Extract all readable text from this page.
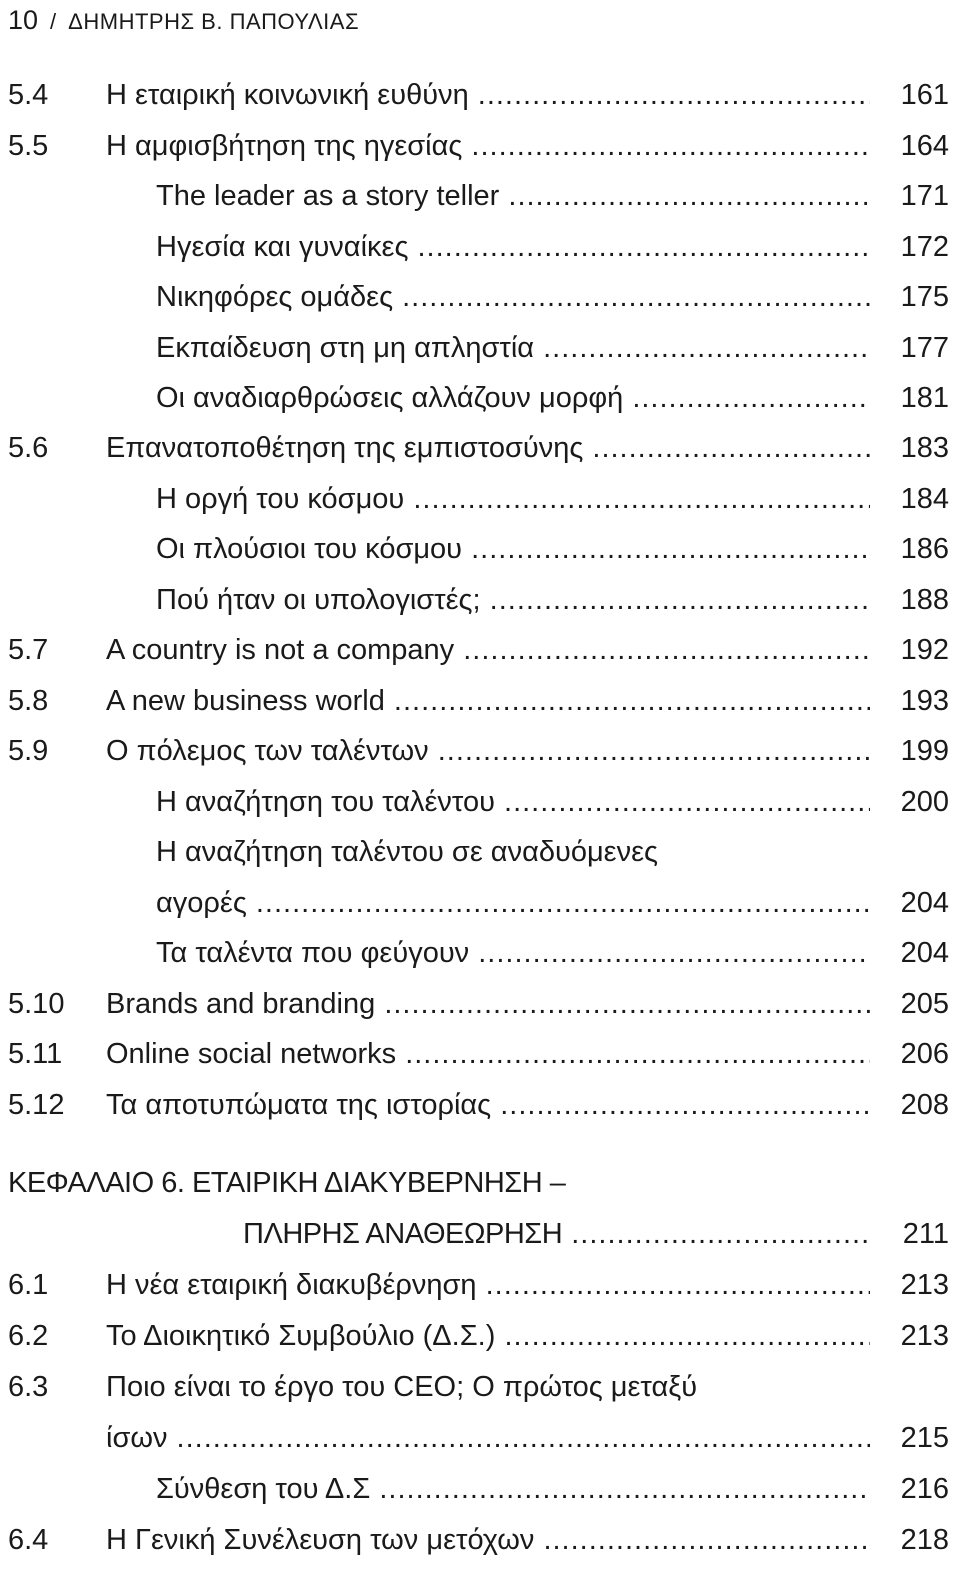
10 / ΔΗΜΗΤΡΗΣ Β. ΠΑΠΟΥΛΙΑΣ
5.4 Η εταιρική κοινωνική ευθύνη .....	161
5.5 Η αμφισβήτηση της ηγεσίας .....	164
The leader as a story teller .....	171
Ηγεσία και γυναίκες .....	172
Νικηφόρες ομάδες .....	175
Εκπαίδευση στη μη απληστία .....	177
Οι αναδιαρθρώσεις αλλάζουν μορφή .....	181
5.6 Επανατοποθέτηση της εμπιστοσύνης .....	183
Η οργή του κόσμου .....	184
Οι πλούσιοι του κόσμου .....	186
Πού ήταν οι υπολογιστές; .....	188
5.7 A country is not a company .....	192
5.8 A new business world .....	193
5.9 Ο πόλεμος των ταλέντων .....	199
Η αναζήτηση του ταλέντου .....	200
Η αναζήτηση ταλέντου σε αναδυόμενες
αγορές .....	204
Τα ταλέντα που φεύγουν .....	204
5.10 Brands and branding .....	205
5.11 Online social networks .....	206
5.12 Τα αποτυπώματα της ιστορίας .....	208
ΚΕΦΑΛΑΙΟ 6. ΕΤΑΙΡΙΚΗ ΔΙΑΚΥΒΕΡΝΗΣΗ –
ΠΛΗΡΗΣ ΑΝΑΘΕΩΡΗΣΗ .....	211
6.1 Η νέα εταιρική διακυβέρνηση .....	213
6.2 Το Διοικητικό Συμβούλιο (Δ.Σ.) .....	213
6.3 Ποιο είναι το έργο του CEO; Ο πρώτος μεταξύ
ίσων .....	215
Σύνθεση του Δ.Σ .....	216
6.4 Η Γενική Συνέλευση των μετόχων .....	218
